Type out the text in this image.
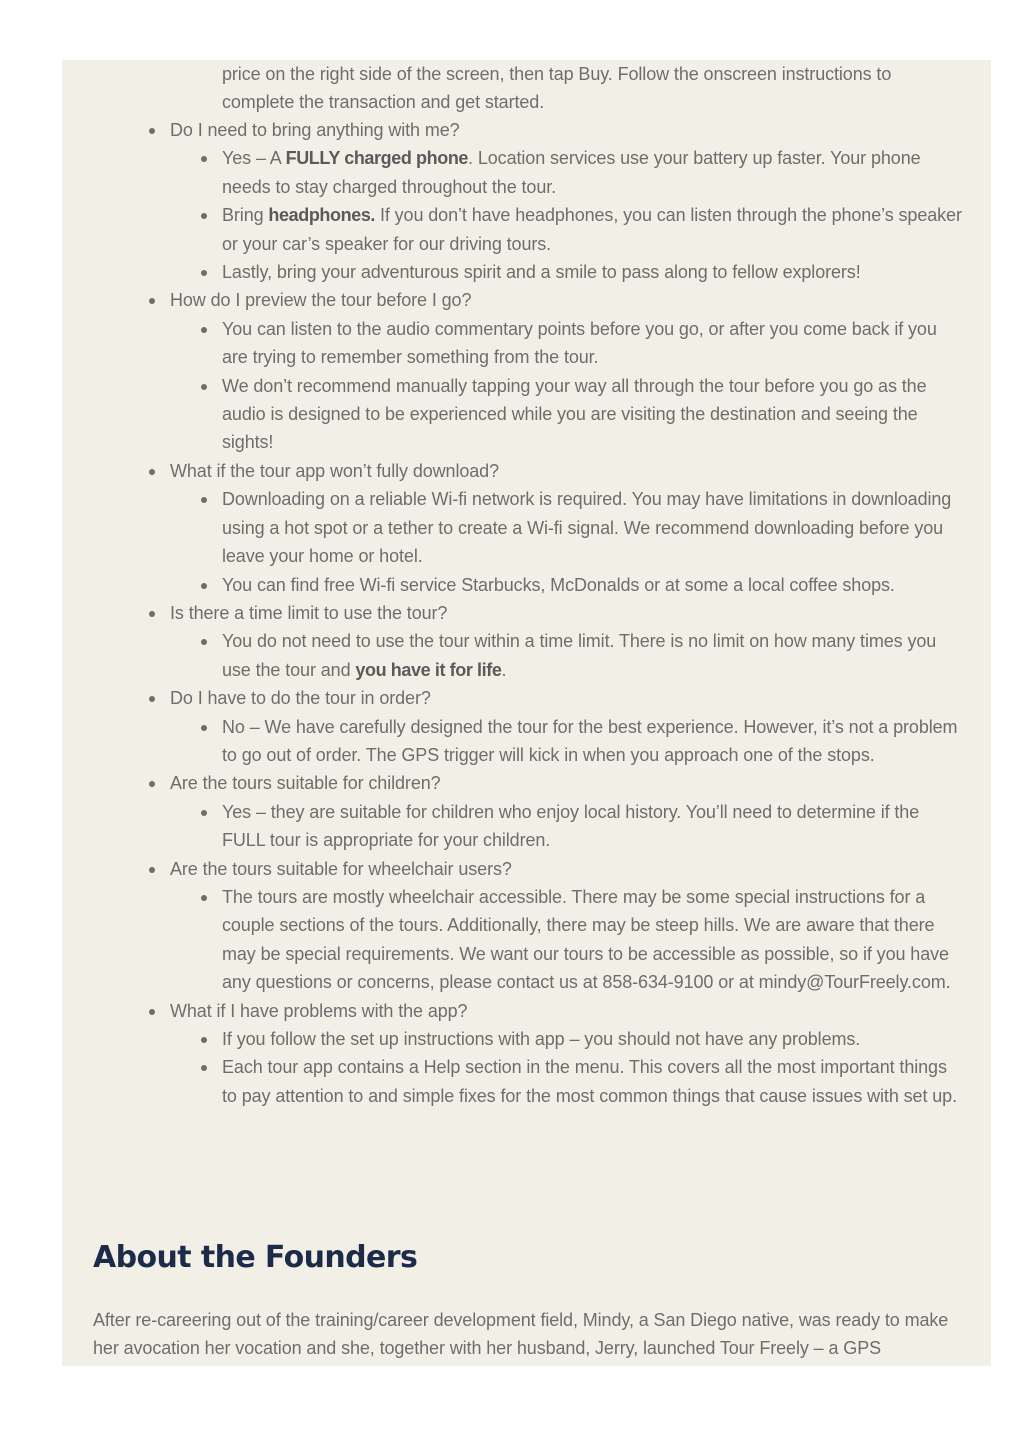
price on the right side of the screen, then tap Buy. Follow the onscreen instructions to complete the transaction and get started.

Do I need to bring anything with me?
Yes – A FULLY charged phone. Location services use your battery up faster. Your phone needs to stay charged throughout the tour.
Bring headphones. If you don’t have headphones, you can listen through the phone’s speaker or your car’s speaker for our driving tours.
Lastly, bring your adventurous spirit and a smile to pass along to fellow explorers!
How do I preview the tour before I go?
You can listen to the audio commentary points before you go, or after you come back if you are trying to remember something from the tour.
We don’t recommend manually tapping your way all through the tour before you go as the audio is designed to be experienced while you are visiting the destination and seeing the sights!
What if the tour app won’t fully download?
Downloading on a reliable Wi-fi network is required. You may have limitations in downloading using a hot spot or a tether to create a Wi-fi signal. We recommend downloading before you leave your home or hotel.
You can find free Wi-fi service Starbucks, McDonalds or at some a local coffee shops.
Is there a time limit to use the tour?
You do not need to use the tour within a time limit. There is no limit on how many times you use the tour and you have it for life.
Do I have to do the tour in order?
No – We have carefully designed the tour for the best experience. However, it’s not a problem to go out of order. The GPS trigger will kick in when you approach one of the stops.
Are the tours suitable for children?
Yes – they are suitable for children who enjoy local history. You’ll need to determine if the FULL tour is appropriate for your children.
Are the tours suitable for wheelchair users?
The tours are mostly wheelchair accessible. There may be some special instructions for a couple sections of the tours. Additionally, there may be steep hills. We are aware that there may be special requirements. We want our tours to be accessible as possible, so if you have any questions or concerns, please contact us at 858-634-9100 or at mindy@TourFreely.com.
What if I have problems with the app?
If you follow the set up instructions with app – you should not have any problems.
Each tour app contains a Help section in the menu. This covers all the most important things to pay attention to and simple fixes for the most common things that cause issues with set up.
About the Founders

After re-careering out of the training/career development field, Mindy, a San Diego native, was ready to make her avocation her vocation and she, together with her husband, Jerry, launched Tour Freely – a GPS
